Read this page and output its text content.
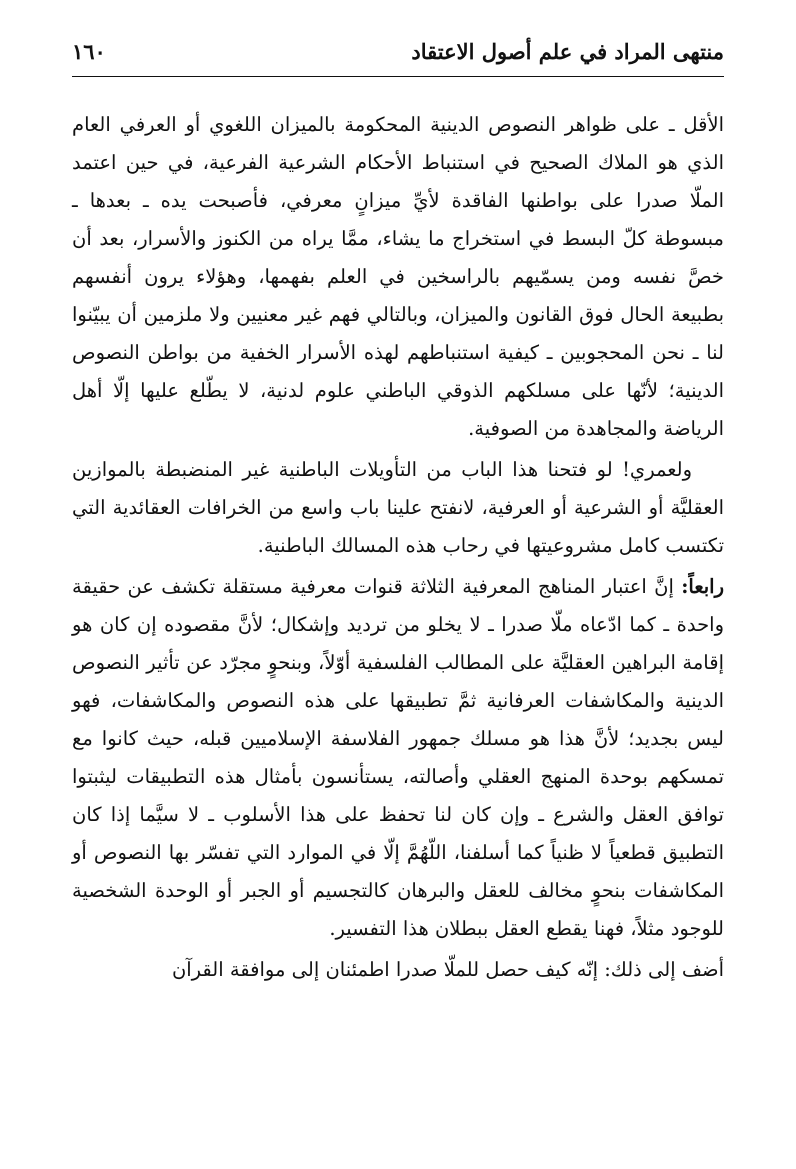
منتهى المراد في علم أصول الاعتقاد
١٦٠

الأقل ـ على ظواهر النصوص الدينية المحكومة بالميزان اللغوي أو العرفي العام الذي هو الملاك الصحيح في استنباط الأحكام الشرعية الفرعية، في حين اعتمد الملّا صدرا على بواطنها الفاقدة لأيِّ ميزانٍ معرفي، فأصبحت يده ـ بعدها ـ مبسوطة كلّ البسط في استخراج ما يشاء، ممَّا يراه من الكنوز والأسرار، بعد أن خصَّ نفسه ومن يسمّيهم بالراسخين في العلم بفهمها، وهؤلاء يرون أنفسهم بطبيعة الحال فوق القانون والميزان، وبالتالي فهم غير معنيين ولا ملزمين أن يبيّنوا لنا ـ نحن المحجوبين ـ كيفية استنباطهم لهذه الأسرار الخفية من بواطن النصوص الدينية؛ لأنّها على مسلكهم الذوقي الباطني علوم لدنية، لا يطّلع عليها إلّا أهل الرياضة والمجاهدة من الصوفية.

ولعمري! لو فتحنا هذا الباب من التأويلات الباطنية غير المنضبطة بالموازين العقليَّة أو الشرعية أو العرفية، لانفتح علينا باب واسع من الخرافات العقائدية التي تكتسب كامل مشروعيتها في رحاب هذه المسالك الباطنية.

رابعاً: إنَّ اعتبار المناهج المعرفية الثلاثة قنوات معرفية مستقلة تكشف عن حقيقة واحدة ـ كما ادّعاه ملّا صدرا ـ لا يخلو من ترديد وإشكال؛ لأنَّ مقصوده إن كان هو إقامة البراهين العقليَّة على المطالب الفلسفية أوّلاً، وبنحوٍ مجرّد عن تأثير النصوص الدينية والمكاشفات العرفانية ثمَّ تطبيقها على هذه النصوص والمكاشفات، فهو ليس بجديد؛ لأنَّ هذا هو مسلك جمهور الفلاسفة الإسلاميين قبله، حيث كانوا مع تمسكهم بوحدة المنهج العقلي وأصالته، يستأنسون بأمثال هذه التطبيقات ليثبتوا توافق العقل والشرع ـ وإن كان لنا تحفظ على هذا الأسلوب ـ لا سيَّما إذا كان التطبيق قطعياً لا ظنياً كما أسلفنا، اللّهُمَّ إلّا في الموارد التي تفسّر بها النصوص أو المكاشفات بنحوٍ مخالف للعقل والبرهان كالتجسيم أو الجبر أو الوحدة الشخصية للوجود مثلاً، فهنا يقطع العقل ببطلان هذا التفسير.

أضف إلى ذلك: إنّه كيف حصل للملّا صدرا اطمئنان إلى موافقة القرآن
